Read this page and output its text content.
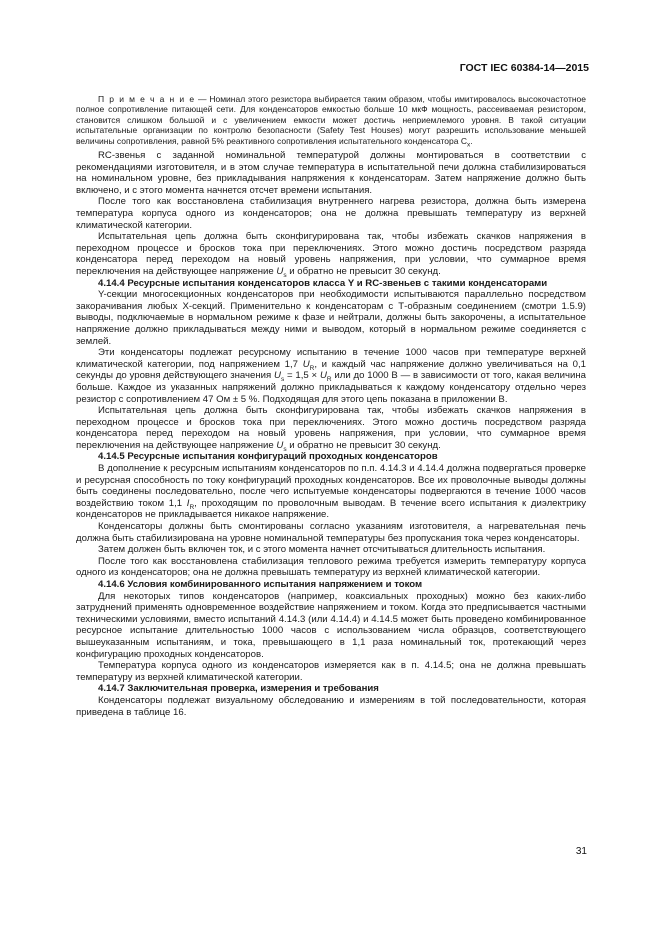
ГОСТ IEC 60384-14—2015
П р и м е ч а н и е — Номинал этого резистора выбирается таким образом, чтобы имитировалось высокочастотное полное сопротивление питающей сети. Для конденсаторов емкостью больше 10 мкФ мощность, рассеиваемая резистором, становится слишком большой и с увеличением емкости может достичь неприемлемого уровня. В такой ситуации испытательные организации по контролю безопасности (Safety Test Houses) могут разрешить использование меньшей величины сопротивления, равной 5% реактивного сопротивления испытательного конденсатора $С_x$.

RC-звенья с заданной номинальной температурой должны монтироваться в соответствии с рекомендациями изготовителя, и в этом случае температура в испытательной печи должна стабилизироваться на номинальном уровне, без прикладывания напряжения к конденсаторам. Затем напряжение должно быть включено, и с этого момента начнется отсчет времени испытания.

После того как восстановлена стабилизация внутреннего нагрева резистора, должна быть измерена температура корпуса одного из конденсаторов; она не должна превышать температуру из верхней климатической категории.

Испытательная цепь должна быть сконфигурирована так, чтобы избежать скачков напряжения в переходном процессе и бросков тока при переключениях. Этого можно достичь посредством разряда конденсатора перед переходом на новый уровень напряжения, при условии, что суммарное время переключения на действующее напряжение $U_s$ и обратно не превысит 30 секунд.

4.14.4 Ресурсные испытания конденсаторов класса Y и RC-звеньев с такими конденсаторами

Y-секции многосекционных конденсаторов при необходимости испытываются параллельно посредством закорачивания любых Х-секций. Применительно к конденсаторам с Т-образным соединением (смотри 1.5.9) выводы, подключаемые в нормальном режиме к фазе и нейтрали, должны быть закорочены, а испытательное напряжение должно прикладываться между ними и выводом, который в нормальном режиме соединяется с землей.

Эти конденсаторы подлежат ресурсному испытанию в течение 1000 часов при температуре верхней климатической категории, под напряжением 1,7 $U_R$, и каждый час напряжение должно увеличиваться на 0,1 секунды до уровня действующего значения $U_s = 1,5 \times U_R$ или до 1000 В — в зависимости от того, какая величина больше. Каждое из указанных напряжений должно прикладываться к каждому конденсатору отдельно через резистор с сопротивлением 47 Ом ± 5 %. Подходящая для этого цепь показана в приложении В.

Испытательная цепь должна быть сконфигурирована так, чтобы избежать скачков напряжения в переходном процессе и бросков тока при переключениях. Этого можно достичь посредством разряда конденсатора перед переходом на новый уровень напряжения, при условии, что суммарное время переключения на действующее напряжение $U_s$ и обратно не превысит 30 секунд.

4.14.5 Ресурсные испытания конфигураций проходных конденсаторов

В дополнение к ресурсным испытаниям конденсаторов по п.п. 4.14.3 и 4.14.4 должна подвергаться проверке и ресурсная способность по току конфигураций проходных конденсаторов. Все их проволочные выводы должны быть соединены последовательно, после чего испытуемые конденсаторы подвергаются в течение 1000 часов воздействию током 1,1 $I_R$, проходящим по проволочным выводам. В течение всего испытания к диэлектрику конденсаторов не прикладывается никакое напряжение.

Конденсаторы должны быть смонтированы согласно указаниям изготовителя, а нагревательная печь должна быть стабилизирована на уровне номинальной температуры без пропускания тока через конденсаторы.

Затем должен быть включен ток, и с этого момента начнет отсчитываться длительность испытания.

После того как восстановлена стабилизация теплового режима требуется измерить температуру корпуса одного из конденсаторов; она не должна превышать температуру из верхней климатической категории.

4.14.6 Условия комбинированного испытания напряжением и током

Для некоторых типов конденсаторов (например, коаксиальных проходных) можно без каких-либо затруднений применять одновременное воздействие напряжением и током. Когда это предписывается частными техническими условиями, вместо испытаний 4.14.3 (или 4.14.4) и 4.14.5 может быть проведено комбинированное ресурсное испытание длительностью 1000 часов с использованием числа образцов, соответствующего вышеуказанным испытаниям, и тока, превышающего в 1,1 раза номинальный ток, протекающий через конфигурацию проходных конденсаторов.

Температура корпуса одного из конденсаторов измеряется как в п. 4.14.5; она не должна превышать температуру из верхней климатической категории.

4.14.7 Заключительная проверка, измерения и требования

Конденсаторы подлежат визуальному обследованию и измерениям в той последовательности, которая приведена в таблице 16.

31
